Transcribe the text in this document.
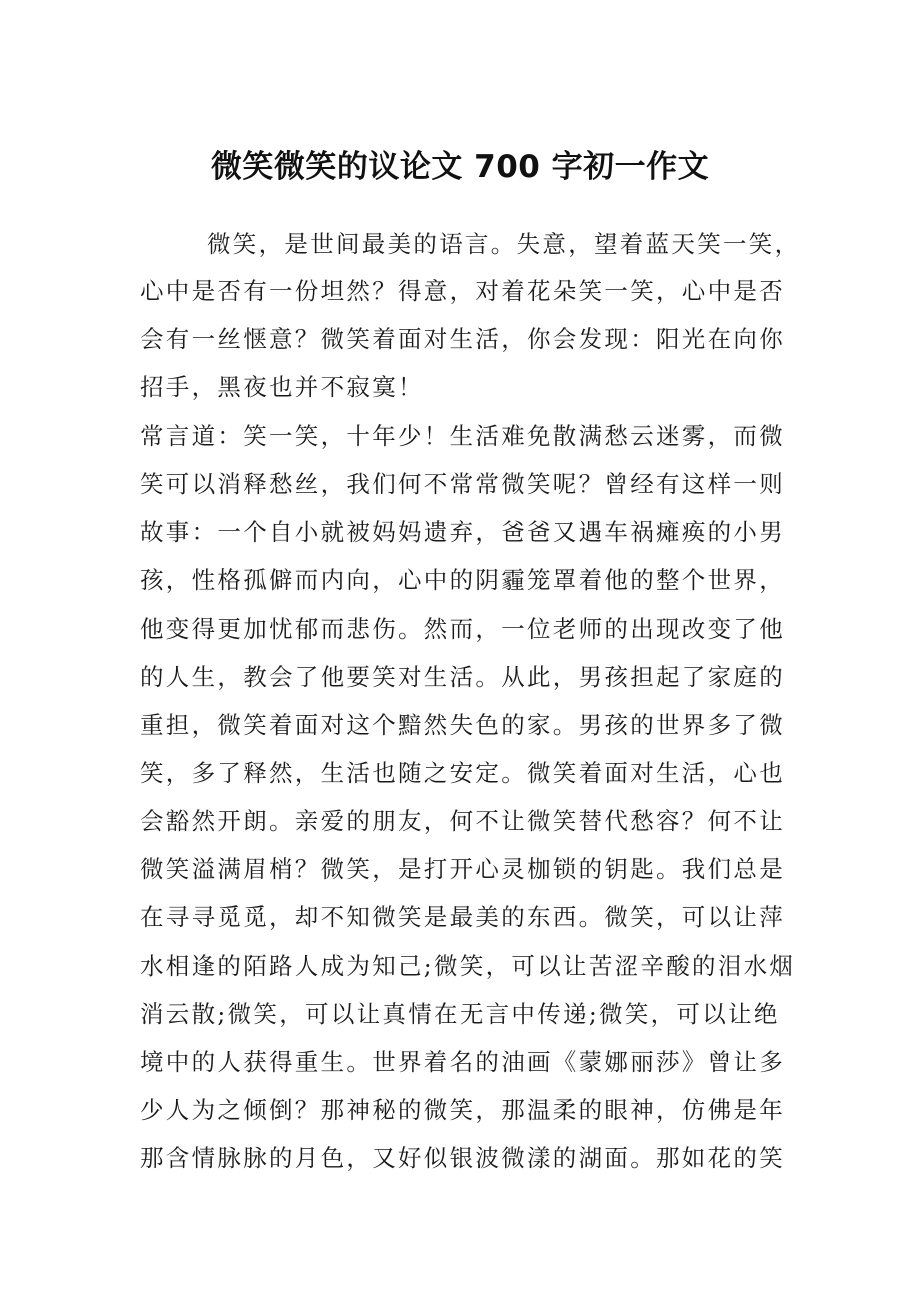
微笑微笑的议论文 700 字初一作文
微笑，是世间最美的语言。失意，望着蓝天笑一笑，
心中是否有一份坦然？得意，对着花朵笑一笑，心中是否
会有一丝惬意？微笑着面对生活，你会发现：阳光在向你
招手，黑夜也并不寂寞！
常言道：笑一笑，十年少！生活难免散满愁云迷雾，而微
笑可以消释愁丝，我们何不常常微笑呢？曾经有这样一则
故事：一个自小就被妈妈遗弃，爸爸又遇车祸瘫痪的小男
孩，性格孤僻而内向，心中的阴霾笼罩着他的整个世界，
他变得更加忧郁而悲伤。然而，一位老师的出现改变了他
的人生，教会了他要笑对生活。从此，男孩担起了家庭的
重担，微笑着面对这个黯然失色的家。男孩的世界多了微
笑，多了释然，生活也随之安定。微笑着面对生活，心也
会豁然开朗。亲爱的朋友，何不让微笑替代愁容？何不让
微笑溢满眉梢？微笑，是打开心灵枷锁的钥匙。我们总是
在寻寻觅觅，却不知微笑是最美的东西。微笑，可以让萍
水相逢的陌路人成为知己;微笑，可以让苦涩辛酸的泪水烟
消云散;微笑，可以让真情在无言中传递;微笑，可以让绝
境中的人获得重生。世界着名的油画《蒙娜丽莎》曾让多
少人为之倾倒？那神秘的微笑，那温柔的眼神，仿佛是年
那含情脉脉的月色，又好似银波微漾的湖面。那如花的笑
